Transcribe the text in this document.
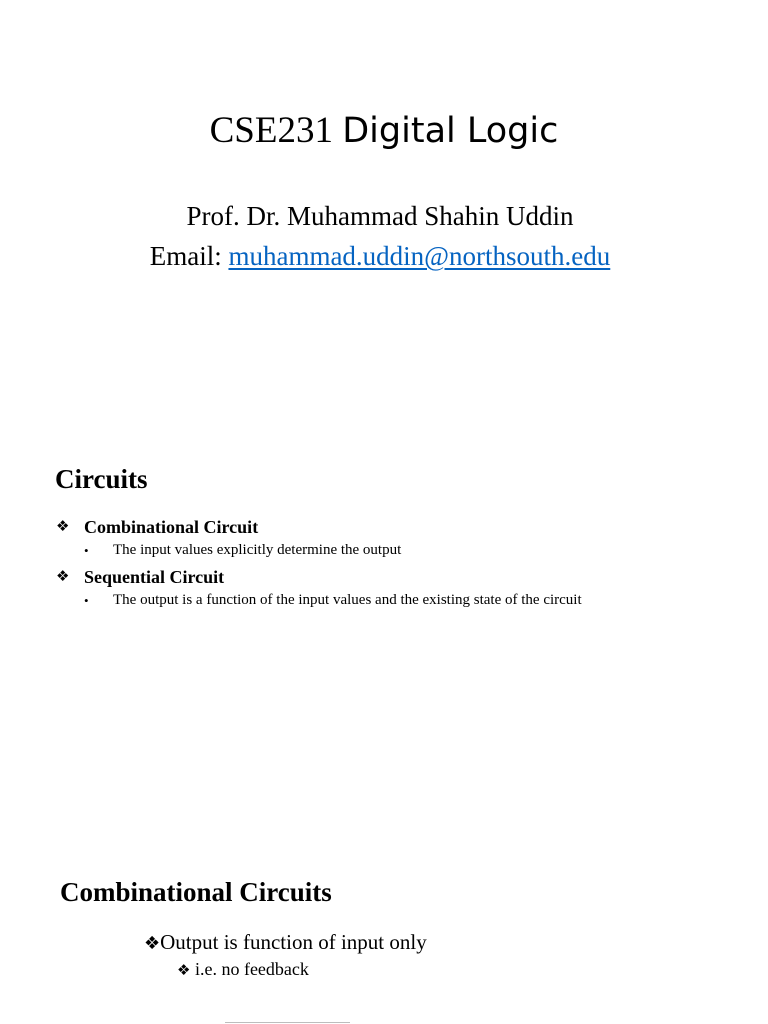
CSE231 Digital Logic
Prof. Dr. Muhammad Shahin Uddin
Email: muhammad.uddin@northsouth.edu
Circuits
❖ Combinational Circuit
• The input values explicitly determine the output
❖ Sequential Circuit
• The output is a function of the input values and the existing state of the circuit
Combinational Circuits
❖Output is function of input only
❖ i.e. no feedback
